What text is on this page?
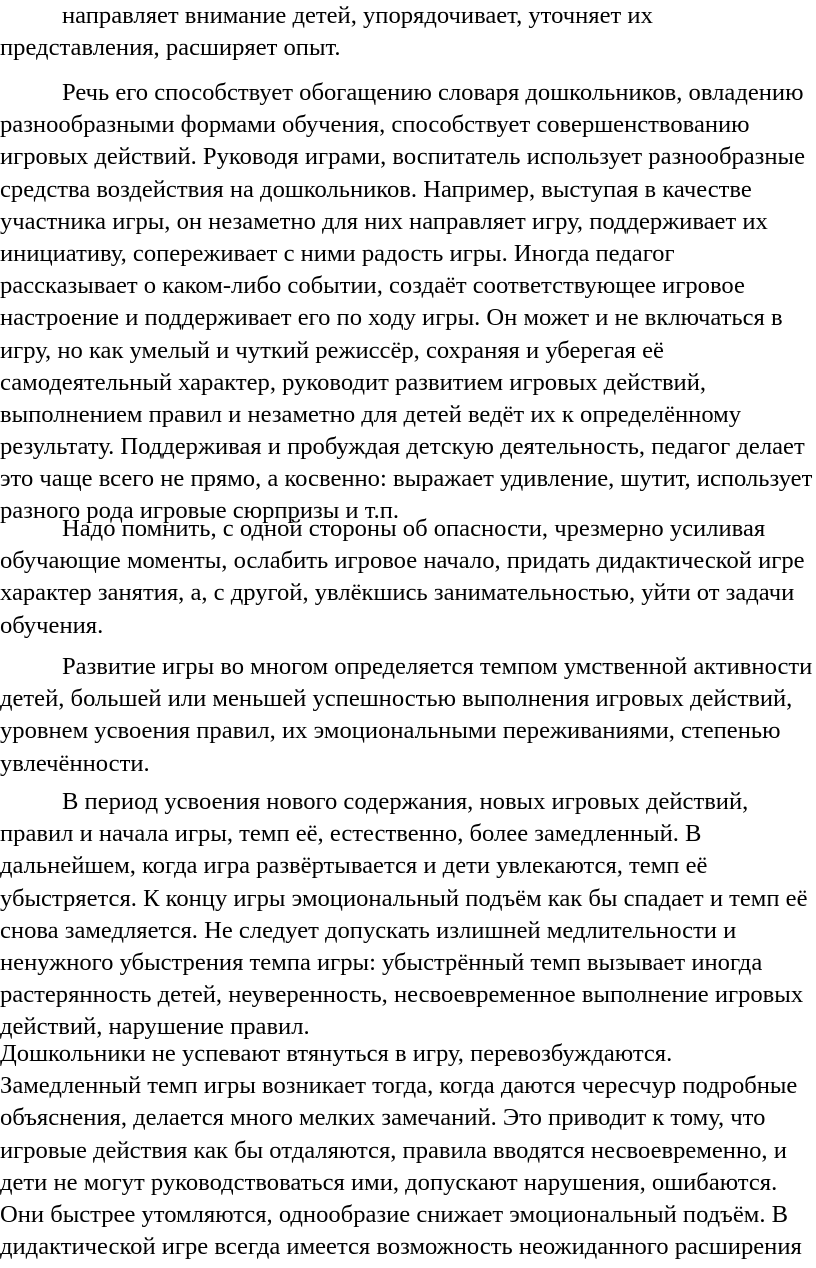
направляет внимание детей, упорядочивает, уточняет их
представления, расширяет опыт.
Речь его способствует обогащению словаря дошкольников, овладению
разнообразными формами обучения, способствует совершенствованию
игровых действий. Руководя играми, воспитатель использует разнообразные
средства воздействия на дошкольников. Например, выступая в качестве
участника игры, он незаметно для них направляет игру, поддерживает их
инициативу, сопереживает с ними радость игры. Иногда педагог
рассказывает о каком-либо событии, создаёт соответствующее игровое
настроение и поддерживает его по ходу игры. Он может и не включаться в
игру, но как умелый и чуткий режиссёр, сохраняя и уберегая её
самодеятельный характер, руководит развитием игровых действий,
выполнением правил и незаметно для детей ведёт их к определённому
результату. Поддерживая и пробуждая детскую деятельность, педагог делает
это чаще всего не прямо, а косвенно: выражает удивление, шутит, использует
разного рода игровые сюрпризы и т.п.
Надо помнить, с одной стороны об опасности, чрезмерно усиливая
обучающие моменты, ослабить игровое начало, придать дидактической игре
характер занятия, а, с другой, увлёкшись занимательностью, уйти от задачи
обучения.
Развитие игры во многом определяется темпом умственной активности
детей, большей или меньшей успешностью выполнения игровых действий,
уровнем усвоения правил, их эмоциональными переживаниями, степенью
увлечённости.
В период усвоения нового содержания, новых игровых действий,
правил и начала игры, темп её, естественно, более замедленный. В
дальнейшем, когда игра развёртывается и дети увлекаются, темп её
убыстряется. К концу игры эмоциональный подъём как бы спадает и темп её
снова замедляется. Не следует допускать излишней медлительности и
ненужного убыстрения темпа игры: убыстрённый темп вызывает иногда
растерянность детей, неуверенность, несвоевременное выполнение игровых
действий, нарушение правил.
Дошкольники не успевают втянуться в игру, перевозбуждаются.
Замедленный темп игры возникает тогда, когда даются чересчур подробные
объяснения, делается много мелких замечаний. Это приводит к тому, что
игровые действия как бы отдаляются, правила вводятся несвоевременно, и
дети не могут руководствоваться ими, допускают нарушения, ошибаются.
Они быстрее утомляются, однообразие снижает эмоциональный подъём. В
дидактической игре всегда имеется возможность неожиданного расширения
